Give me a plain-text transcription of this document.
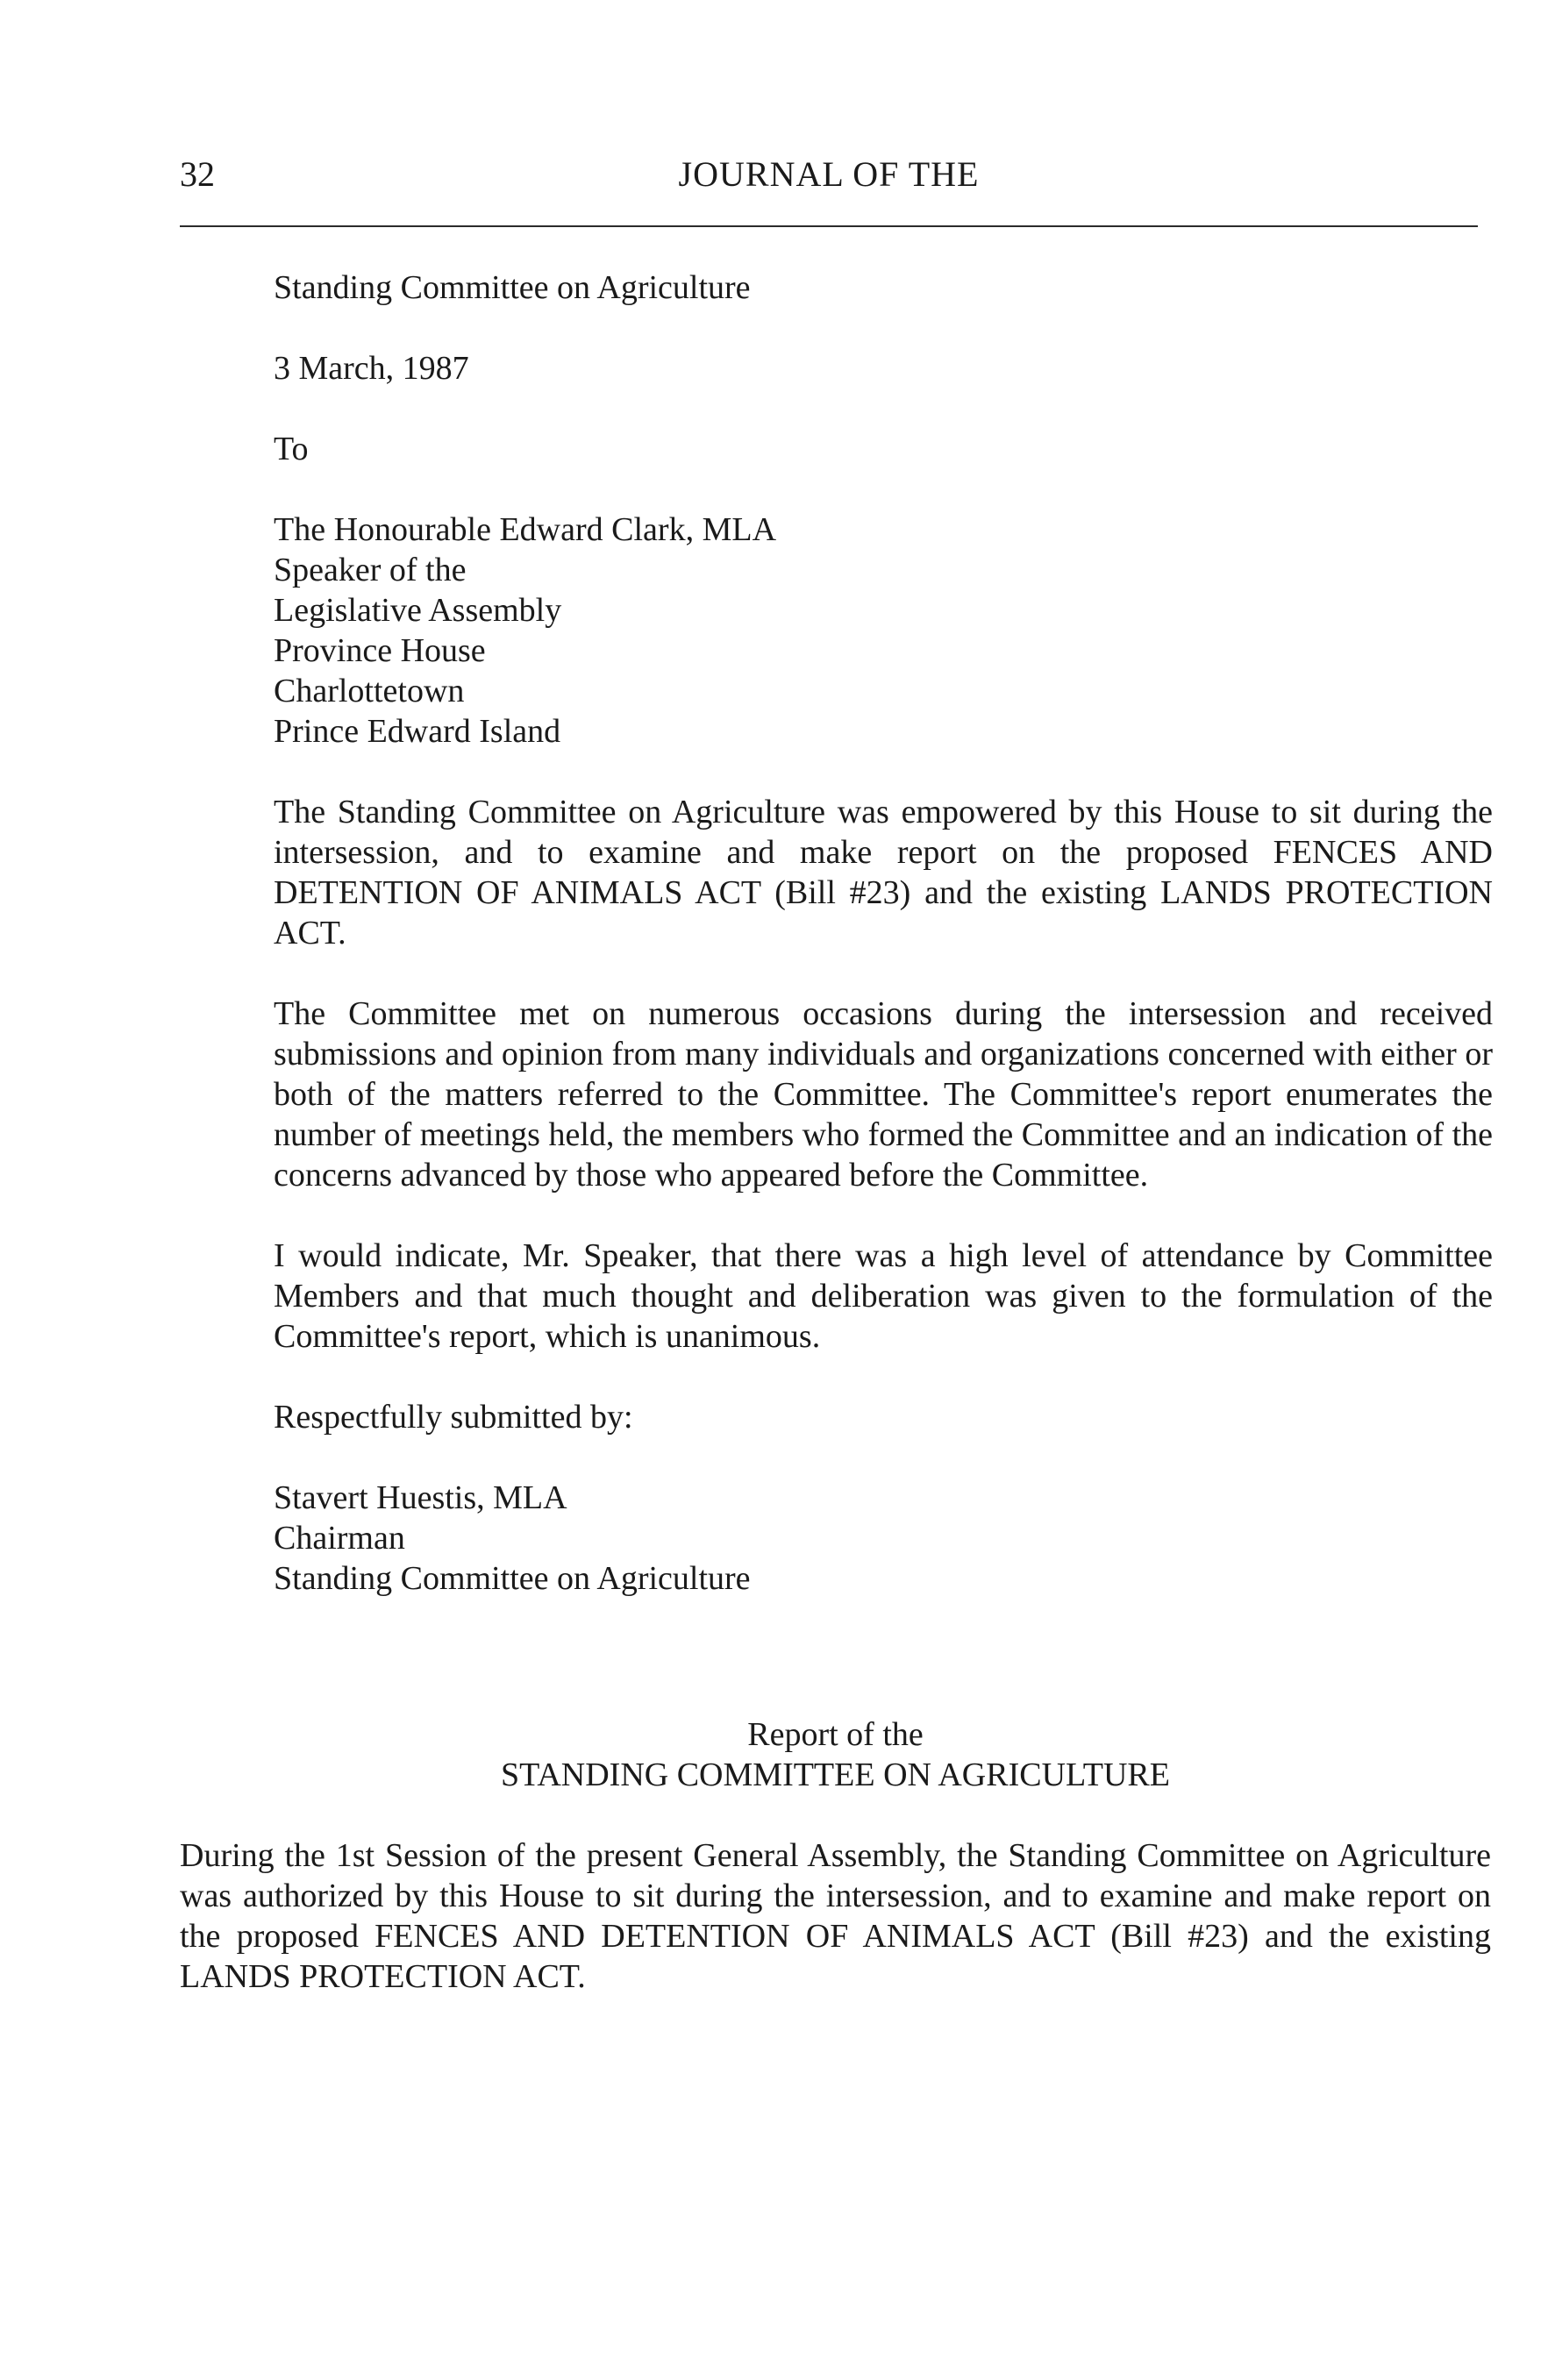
32	JOURNAL OF THE

Standing Committee on Agriculture

3 March, 1987

To

The Honourable Edward Clark, MLA
Speaker of the
Legislative Assembly
Province House
Charlottetown
Prince Edward Island

The Standing Committee on Agriculture was empowered by this House to sit during the intersession, and to examine and make report on the proposed FENCES AND DETENTION OF ANIMALS ACT (Bill #23) and the existing LANDS PROTECTION ACT.

The Committee met on numerous occasions during the intersession and received submissions and opinion from many individuals and organizations concerned with either or both of the matters referred to the Committee. The Committee's report enumerates the number of meetings held, the members who formed the Committee and an indication of the concerns advanced by those who appeared before the Committee.

I would indicate, Mr. Speaker, that there was a high level of attendance by Committee Members and that much thought and deliberation was given to the formulation of the Committee's report, which is unanimous.

Respectfully submitted by:

Stavert Huestis, MLA
Chairman
Standing Committee on Agriculture

Report of the
STANDING COMMITTEE ON AGRICULTURE

During the 1st Session of the present General Assembly, the Standing Committee on Agriculture was authorized by this House to sit during the intersession, and to examine and make report on the proposed FENCES AND DETENTION OF ANIMALS ACT (Bill #23) and the existing LANDS PROTECTION ACT.
